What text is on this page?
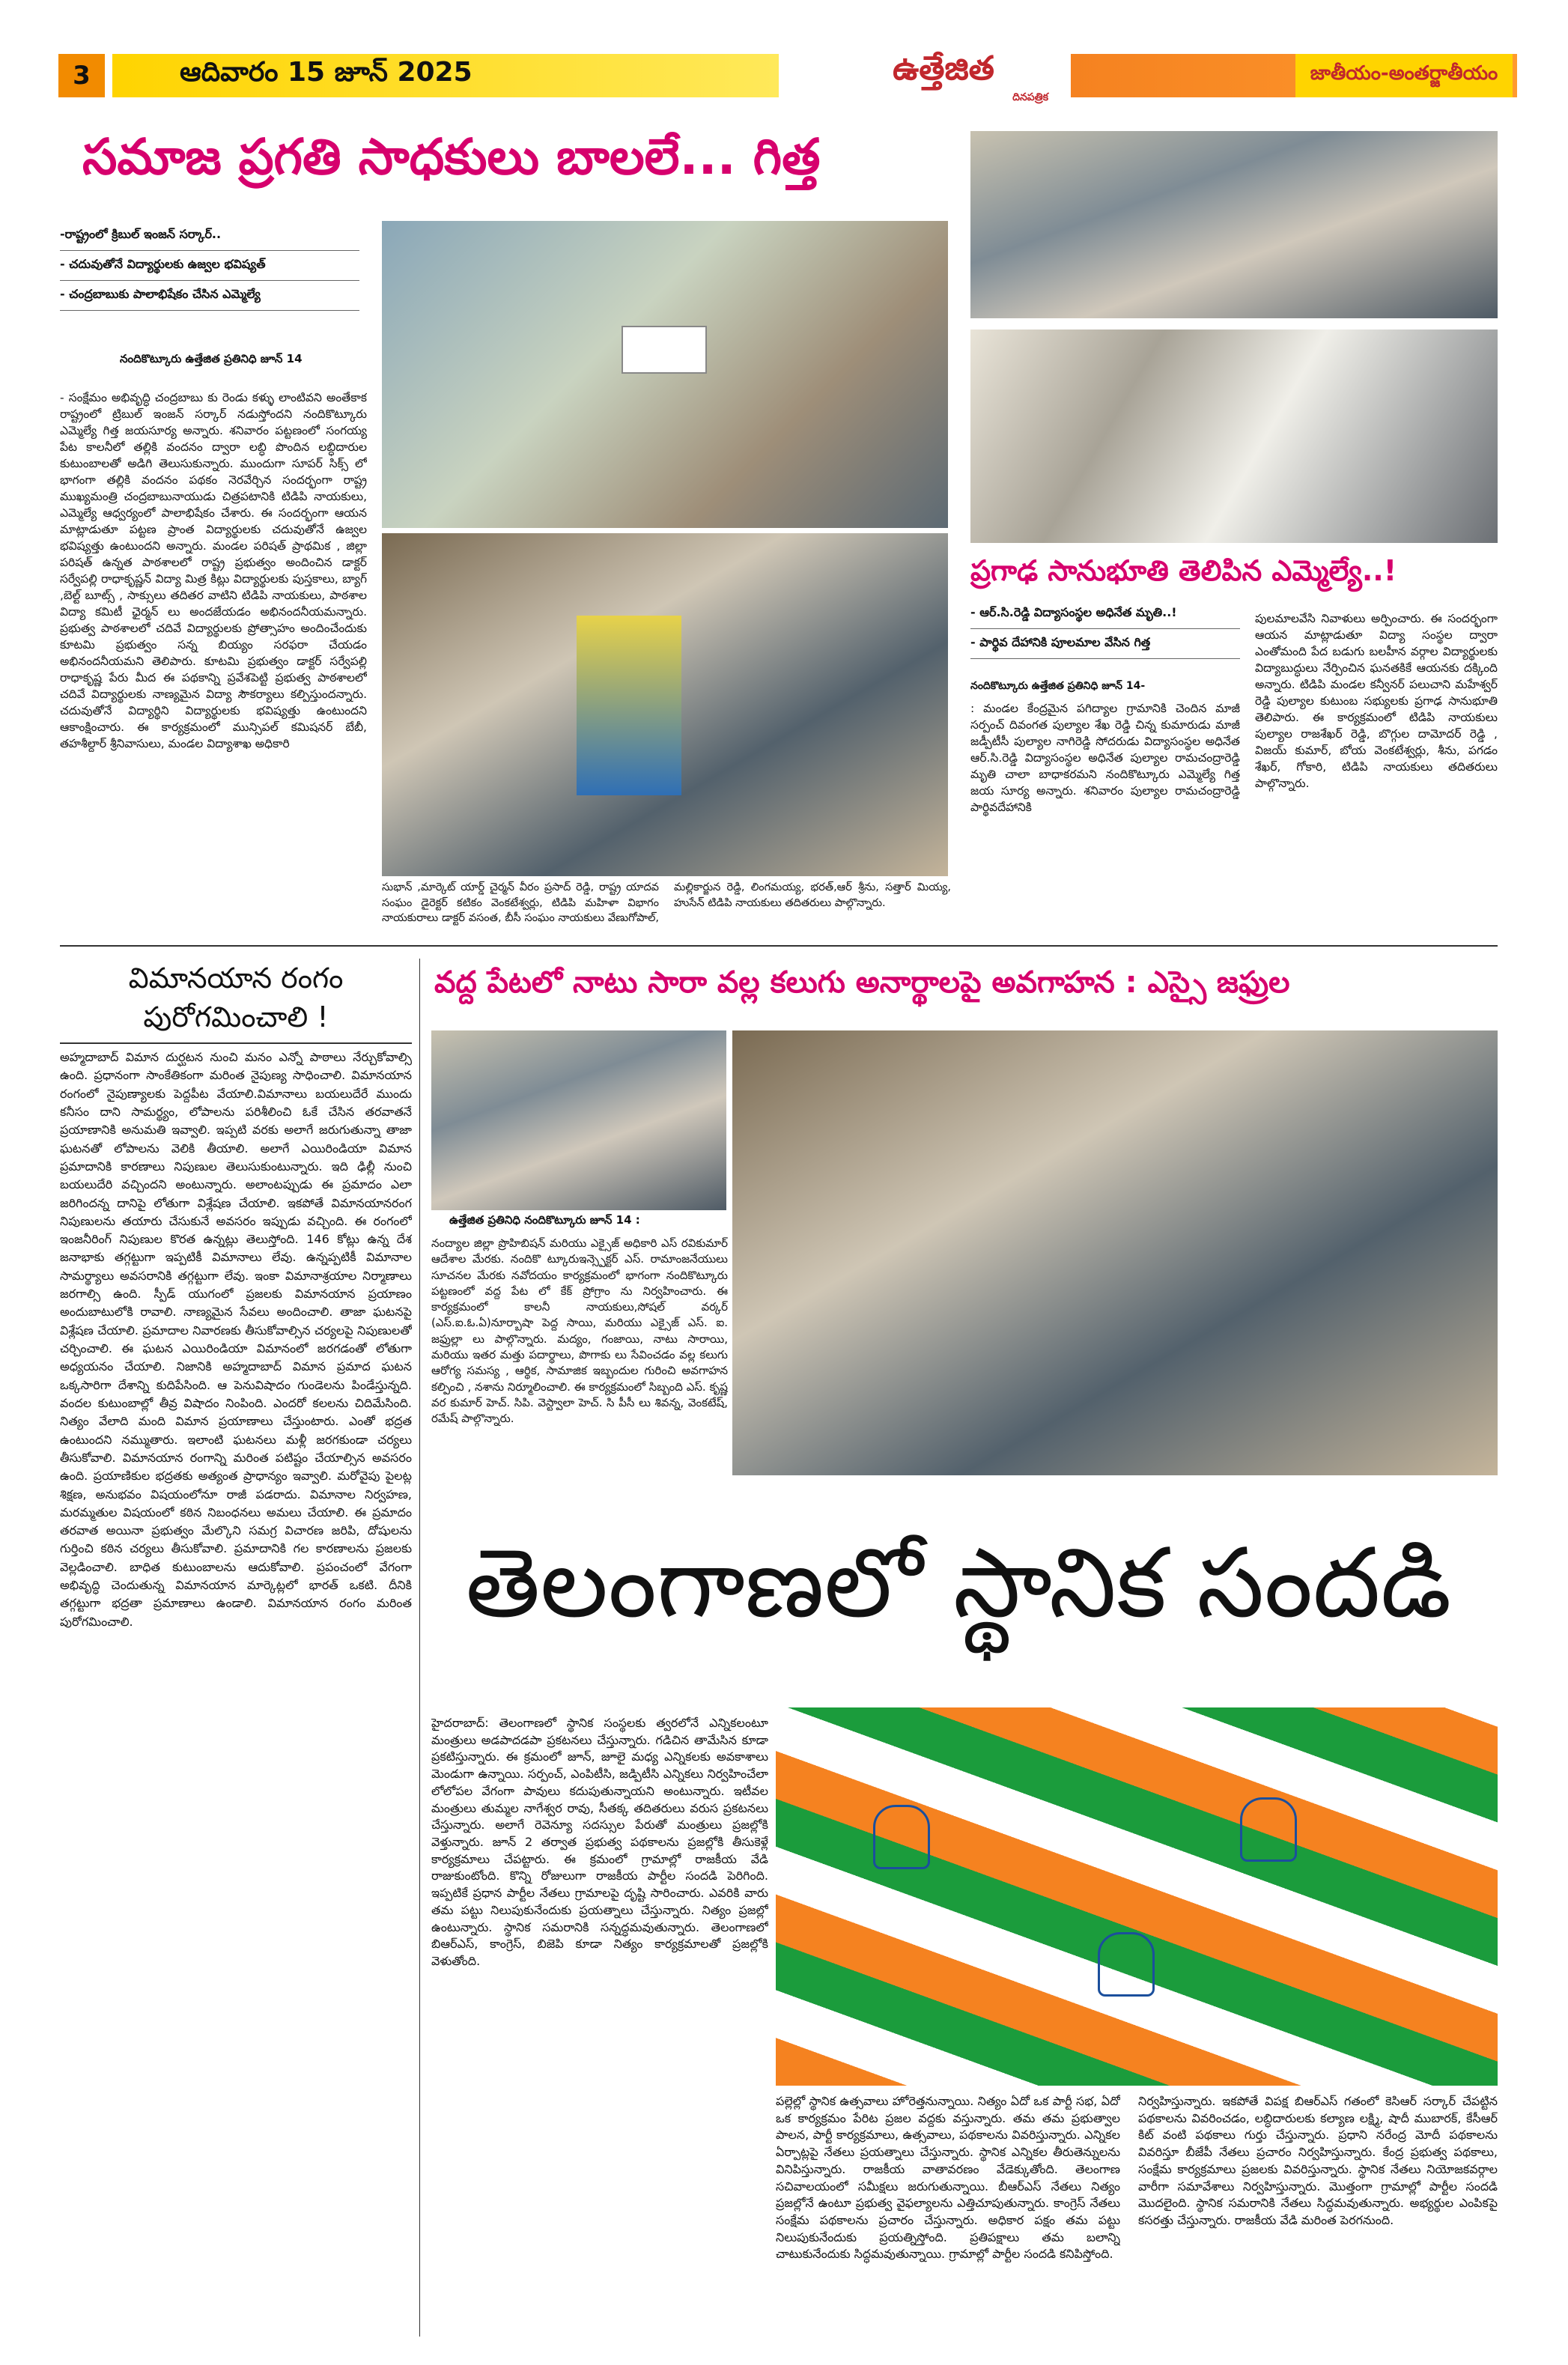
3	ఆదివారం 15 జూన్ 2025	ఉత్తేజిత
దినపత్రిక
జాతీయం-అంతర్జాతీయం
సమాజ ప్రగతి సాధకులు బాలలే... గిత్త
-రాష్ట్రంలో క్రిబుల్ ఇంజన్ సర్కార్..
- చదువుతోనే విద్యార్థులకు ఉజ్వల భవిష్యత్
- చంద్రబాబుకు పాలాభిషేకం చేసిన ఎమ్మెల్యే
నందికొట్కూరు ఉత్తేజిత ప్రతినిధి జూన్ 14
- సంక్షేమం అభివృద్ధి చంద్రబాబు కు రెండు కళ్ళు లాంటివని అంతేకాక రాష్ట్రంలో ట్రిబుల్ ఇంజన్ సర్కార్ నడుస్తోందని నందికొట్కూరు ఎమ్మెల్యే గిత్త జయసూర్య అన్నారు. శనివారం పట్టణంలో సంగయ్య పేట కాలనీలో తల్లికి వందనం ద్వారా లబ్ధి పొందిన లబ్ధిదారుల కుటుంబాలతో అడిగి తెలుసుకున్నారు. ముందుగా సూపర్ సిక్స్ లో భాగంగా తల్లికి వందనం పథకం నెరవేర్చిన సందర్భంగా రాష్ట్ర ముఖ్యమంత్రి చంద్రబాబునాయుడు చిత్రపటానికి టిడిపి నాయకులు, ఎమ్మెల్యే ఆధ్వర్యంలో పాలాభిషేకం చేశారు. ఈ సందర్భంగా ఆయన మాట్లాడుతూ పట్టణ ప్రాంత విద్యార్థులకు చదువుతోనే ఉజ్వల భవిష్యత్తు ఉంటుందని అన్నారు. మండల పరిషత్ ప్రాథమిక , జిల్లా పరిషత్ ఉన్నత పాఠశాలలో రాష్ట్ర ప్రభుత్వం అందించిన డాక్టర్ సర్వేపల్లి రాధాకృష్ణన్ విద్యా మిత్ర కిట్లు విద్యార్థులకు పుస్తకాలు, బ్యాగ్ ,బెల్ట్ బూట్స్ , సాక్సులు తదితర వాటిని టిడిపి నాయకులు, పాఠశాల విద్యా కమిటీ ఛైర్మన్ లు అందజేయడం అభినందనీయమన్నారు. ప్రభుత్వ పాఠశాలలో చదివే విద్యార్థులకు ప్రోత్సాహం అందించేందుకు కూటమి ప్రభుత్వం సన్న బియ్యం సరఫరా చేయడం అభినందనీయమని తెలిపారు. కూటమి ప్రభుత్వం డాక్టర్ సర్వేపల్లి రాధాకృష్ణ పేరు మీద ఈ పథకాన్ని ప్రవేశపెట్టి ప్రభుత్వ పాఠశాలలో చదివే విద్యార్థులకు నాణ్యమైన విద్యా సౌకర్యాలు కల్పిస్తుందన్నారు. చదువుతోనే విద్యార్థిని విద్యార్థులకు భవిష్యత్తు ఉంటుందని ఆకాంక్షించారు. ఈ కార్యక్రమంలో మున్సిపల్ కమిషనర్ బేబీ, తహశీల్దార్ శ్రీనివాసులు, మండల విద్యాశాఖ అధికారి
సుభాన్ ,మార్కెట్ యార్డ్ చైర్మన్ వీరం ప్రసాద్ రెడ్డి, రాష్ట్ర యాదవ సంఘం డైరెక్టర్ కటికం వెంకటేశ్వర్లు, టిడిపి మహిళా విభాగం నాయకురాలు డాక్టర్ వసంత, బీసీ సంఘం నాయకులు వేణుగోపాల్, మల్లికార్జున రెడ్డి, లింగమయ్య, భరత్,ఆర్ శ్రీను, సత్తార్ మియ్య, హుసేన్ టిడిపి నాయకులు తదితరులు పాల్గొన్నారు.
ప్రగాఢ సానుభూతి తెలిపిన ఎమ్మెల్యే..!
- ఆర్.సి.రెడ్డి విద్యాసంస్థల అధినేత మృతి..!
- పార్థివ దేహానికి పూలమాల వేసిన గిత్త
నందికొట్కూరు ఉత్తేజిత ప్రతినిధి జూన్ 14-
: మండల కేంద్రమైన పగిద్యాల గ్రామానికి చెందిన మాజీ సర్పంచ్ దివంగత పుల్యాల శేఖ రెడ్డి చిన్న కుమారుడు మాజీ జడ్పీటీసీ పుల్యాల నాగిరెడ్డి సోదరుడు విద్యాసంస్థల అధినేత ఆర్.సి.రెడ్డి విద్యాసంస్థల అధినేత పుల్యాల రామచంద్రారెడ్డి మృతి చాలా బాధాకరమని నందికొట్కూరు ఎమ్మెల్యే గిత్త జయ సూర్య అన్నారు. శనివారం పుల్యాల రామచంద్రారెడ్డి పార్థివదేహానికి
పులమాలవేసి నివాళులు అర్పించారు. ఈ సందర్భంగా ఆయన మాట్లాడుతూ విద్యా సంస్థల ద్వారా ఎంతోమంది పేద బడుగు బలహీన వర్గాల విద్యార్థులకు విద్యాబుద్ధులు నేర్పించిన ఘనతకికే ఆయనకు దక్కింది అన్నారు. టిడిపి మండల కన్వీనర్ పలుచాని మహేశ్వర్ రెడ్డి పుల్యాల కుటుంబ సభ్యులకు ప్రగాఢ సానుభూతి తెలిపారు. ఈ కార్యక్రమంలో టిడిపి నాయకులు పుల్యాల రాజశేఖర్ రెడ్డి, బొగ్గుల దామోదర్ రెడ్డి , విజయ్ కుమార్, బోయ వెంకటేశ్వర్లు, శీను, పగడం శేఖర్, గోకారి, టిడిపి నాయకులు తదితరులు పాల్గొన్నారు.
విమానయాన రంగం
పురోగమించాలి !
అహ్మదాబాద్ విమాన దుర్ఘటన నుంచి మనం ఎన్నో పాఠాలు నేర్చుకోవాల్సి ఉంది. ప్రధానంగా సాంకేతికంగా మరింత నైపుణ్య సాధించాలి. విమానయాన రంగంలో నైపుణ్యాలకు పెద్దపీట వేయాలి.విమానాలు బయలుదేరే ముందు కనీసం దాని సామర్థ్యం, లోపాలను పరిశీలించి ఓకే చేసిన తరవాతనే ప్రయాణానికి అనుమతి ఇవ్వాలి. ఇప్పటి వరకు అలాగే జరుగుతున్నా తాజా ఘటనతో లోపాలను వెలికి తీయాలి. అలాగే ఎయిరిండియా విమాన ప్రమాదానికి కారణాలు నిపుణుల తెలుసుకుంటున్నారు. ఇది ఢిల్లీ నుంచి బయలుదేరి వచ్చిందని అంటున్నారు. అలాంటప్పుడు ఈ ప్రమాదం ఎలా జరిగిందన్న దానిపై లోతుగా విశ్లేషణ చేయాలి. ఇకపోతే విమానయానరంగ నిపుణులను తయారు చేసుకునే అవసరం ఇప్పుడు వచ్చింది. ఈ రంగంలో ఇంజనీరింగ్ నిపుణుల కొరత ఉన్నట్లు తెలుస్తోంది. 146 కోట్లు ఉన్న దేశ జనాభాకు తగ్గట్టుగా ఇప్పటికీ విమానాలు లేవు. ఉన్నప్పటికీ విమానాల సామర్థ్యాలు అవసరానికి తగ్గట్టుగా లేవు. ఇంకా విమానాశ్రయాల నిర్మాణాలు జరగాల్సి ఉంది. స్పీడ్ యుగంలో ప్రజలకు విమానయాన ప్రయాణం అందుబాటులోకి రావాలి. నాణ్యమైన సేవలు అందించాలి. తాజా ఘటనపై విశ్లేషణ చేయాలి. ప్రమాదాల నివారణకు తీసుకోవాల్సిన చర్యలపై నిపుణులతో చర్చించాలి. ఈ ఘటన ఎయిరిండియా విమానంలో జరగడంతో లోతుగా అధ్యయనం చేయాలి. నిజానికి అహ్మదాబాద్ విమాన ప్రమాద ఘటన ఒక్కసారిగా దేశాన్ని కుదిపేసింది. ఆ పెనువిషాదం గుండెలను పిండేస్తున్నది. వందల కుటుంబాల్లో తీవ్ర విషాదం నింపింది. ఎందరో కలలను చిదిమేసింది. నిత్యం వేలాది మంది విమాన ప్రయాణాలు చేస్తుంటారు. ఎంతో భద్రత ఉంటుందని నమ్ముతారు. ఇలాంటి ఘటనలు మళ్లీ జరగకుండా చర్యలు తీసుకోవాలి. విమానయాన రంగాన్ని మరింత పటిష్టం చేయాల్సిన అవసరం ఉంది. ప్రయాణికుల భద్రతకు అత్యంత ప్రాధాన్యం ఇవ్వాలి. మరోవైపు పైలట్ల శిక్షణ, అనుభవం విషయంలోనూ రాజీ పడరాదు. విమానాల నిర్వహణ, మరమ్మతుల విషయంలో కఠిన నిబంధనలు అమలు చేయాలి. ఈ ప్రమాదం తరవాత అయినా ప్రభుత్వం మేల్కొని సమగ్ర విచారణ జరిపి, దోషులను గుర్తించి కఠిన చర్యలు తీసుకోవాలి. ప్రమాదానికి గల కారణాలను ప్రజలకు వెల్లడించాలి. బాధిత కుటుంబాలను ఆదుకోవాలి. ప్రపంచంలో వేగంగా అభివృద్ధి చెందుతున్న విమానయాన మార్కెట్లలో భారత్ ఒకటి. దీనికి తగ్గట్టుగా భద్రతా ప్రమాణాలు ఉండాలి. విమానయాన రంగం మరింత పురోగమించాలి.
వద్ద పేటలో నాటు సారా వల్ల కలుగు అనార్థాలపై అవగాహన : ఎస్సై జఫ్రుల
ఉత్తేజిత ప్రతినిధి నందికొట్కూరు జూన్ 14 :
నంద్యాల జిల్లా ప్రొహిబిషన్ మరియు ఎక్సైజ్ అధికారి ఎస్ రవికుమార్ ఆదేశాల మేరకు. నందికొ ట్కూరుఇన్స్పెక్టర్ ఎస్. రామాంజనేయులు సూచనల మేరకు నవోదయం కార్యక్రమంలో భాగంగా నందికొట్కూరు పట్టణంలో వద్ద పేట లో కేక్ ప్రోగ్రాం ను నిర్వహించారు. ఈ కార్యక్రమంలో కాలనీ నాయకులు,సోషల్ వర్కర్ (ఎస్.ఐ.ఓ.ఏ)నూర్బాషా పెద్ద సాయి, మరియు ఎక్సైజ్ ఎస్. ఐ. జఫ్రుల్లా లు పాల్గొన్నారు. మద్యం, గంజాయి, నాటు సారాయి, మరియు ఇతర మత్తు పదార్థాలు, పొగాకు లు సేవించడం వల్ల కలుగు ఆరోగ్య సమస్య , ఆర్థిక, సామాజిక ఇబ్బందుల గురించి అవగాహన కల్పించి , నశాను నిర్మూలించాలి. ఈ కార్యక్రమంలో సిబ్బంది ఎస్. కృష్ణ వర కుమార్ హెచ్. సిపి. వెస్ట్వాలా హెచ్. సి పీసీ లు శివన్న, వెంకటేష్, రమేష్ పాల్గొన్నారు.
తెలంగాణలో స్థానిక సందడి
హైదరాబాద్: తెలంగాణలో స్థానిక సంస్థలకు త్వరలోనే ఎన్నికలంటూ మంత్రులు అడపాదడపా ప్రకటనలు చేస్తున్నారు. గడిచిన తామేసిన కూడా ప్రకటిస్తున్నారు. ఈ క్రమంలో జూన్, జూలై మధ్య ఎన్నికలకు అవకాశాలు మెండుగా ఉన్నాయి. సర్పంచ్, ఎంపిటీసి, జడ్పిటీసి ఎన్నికలు నిర్వహించేలా లోలోపల వేగంగా పావులు కదుపుతున్నాయని అంటున్నారు. ఇటీవల మంత్రులు తుమ్మల నాగేశ్వర రావు, సీతక్క తదితరులు వరుస ప్రకటనలు చేస్తున్నారు. అలాగే రెవెన్యూ సదస్సుల పేరుతో మంత్రులు ప్రజల్లోకి వెళ్తున్నారు. జూన్ 2 తర్వాత ప్రభుత్వ పథకాలను ప్రజల్లోకి తీసుకెళ్లే కార్యక్రమాలు చేపట్టారు. ఈ క్రమంలో గ్రామాల్లో రాజకీయ వేడి రాజుకుంటోంది. కొన్ని రోజులుగా రాజకీయ పార్టీల సందడి పెరిగింది. ఇప్పటికే ప్రధాన పార్టీల నేతలు గ్రామాలపై దృష్టి సారించారు. ఎవరికి వారు తమ పట్టు నిలుపుకునేందుకు ప్రయత్నాలు చేస్తున్నారు. నిత్యం ప్రజల్లో ఉంటున్నారు. స్థానిక సమరానికి సన్నద్ధమవుతున్నారు. తెలంగాణలో బిఆర్ఎస్, కాంగ్రెస్, బిజెపి కూడా నిత్యం కార్యక్రమాలతో ప్రజల్లోకి వెళుతోంది.
పల్లెల్లో స్థానిక ఉత్సవాలు హోరెత్తనున్నాయి. నిత్యం ఏదో ఒక పార్టీ సభ, ఏదో ఒక కార్యక్రమం పేరిట ప్రజల వద్దకు వస్తున్నారు. తమ తమ ప్రభుత్వాల పాలన, పార్టీ కార్యక్రమాలు, ఉత్సవాలు, పథకాలను వివరిస్తున్నారు. ఎన్నికల ఏర్పాట్లపై నేతలు ప్రయత్నాలు చేస్తున్నారు. స్థానిక ఎన్నికల తీరుతెన్నులను వినిపిస్తున్నారు. రాజకీయ వాతావరణం వేడెక్కుతోంది. తెలంగాణ సచివాలయంలో సమీక్షలు జరుగుతున్నాయి. బీఆర్ఎస్ నేతలు నిత్యం ప్రజల్లోనే ఉంటూ ప్రభుత్వ వైఫల్యాలను ఎత్తిచూపుతున్నారు. కాంగ్రెస్ నేతలు సంక్షేమ పథకాలను ప్రచారం చేస్తున్నారు. అధికార పక్షం తమ పట్టు నిలుపుకునేందుకు ప్రయత్నిస్తోంది. ప్రతిపక్షాలు తమ బలాన్ని చాటుకునేందుకు సిద్ధమవుతున్నాయి. గ్రామాల్లో పార్టీల సందడి కనిపిస్తోంది.
నిర్వహిస్తున్నారు. ఇకపోతే విపక్ష బిఆర్ఎస్ గతంలో కెసిఆర్ సర్కార్ చేపట్టిన పథకాలను వివరించడం, లబ్ధిదారులకు కల్యాణ లక్ష్మి, షాదీ ముబారక్, కేసీఆర్ కిట్ వంటి పథకాలు గుర్తు చేస్తున్నారు. ప్రధాని నరేంద్ర మోదీ పథకాలను వివరిస్తూ బీజేపీ నేతలు ప్రచారం నిర్వహిస్తున్నారు. కేంద్ర ప్రభుత్వ పథకాలు, సంక్షేమ కార్యక్రమాలు ప్రజలకు వివరిస్తున్నారు. స్థానిక నేతలు నియోజకవర్గాల వారీగా సమావేశాలు నిర్వహిస్తున్నారు. మొత్తంగా గ్రామాల్లో పార్టీల సందడి మొదలైంది. స్థానిక సమరానికి నేతలు సిద్ధమవుతున్నారు. అభ్యర్థుల ఎంపికపై కసరత్తు చేస్తున్నారు. రాజకీయ వేడి మరింత పెరగనుంది.
